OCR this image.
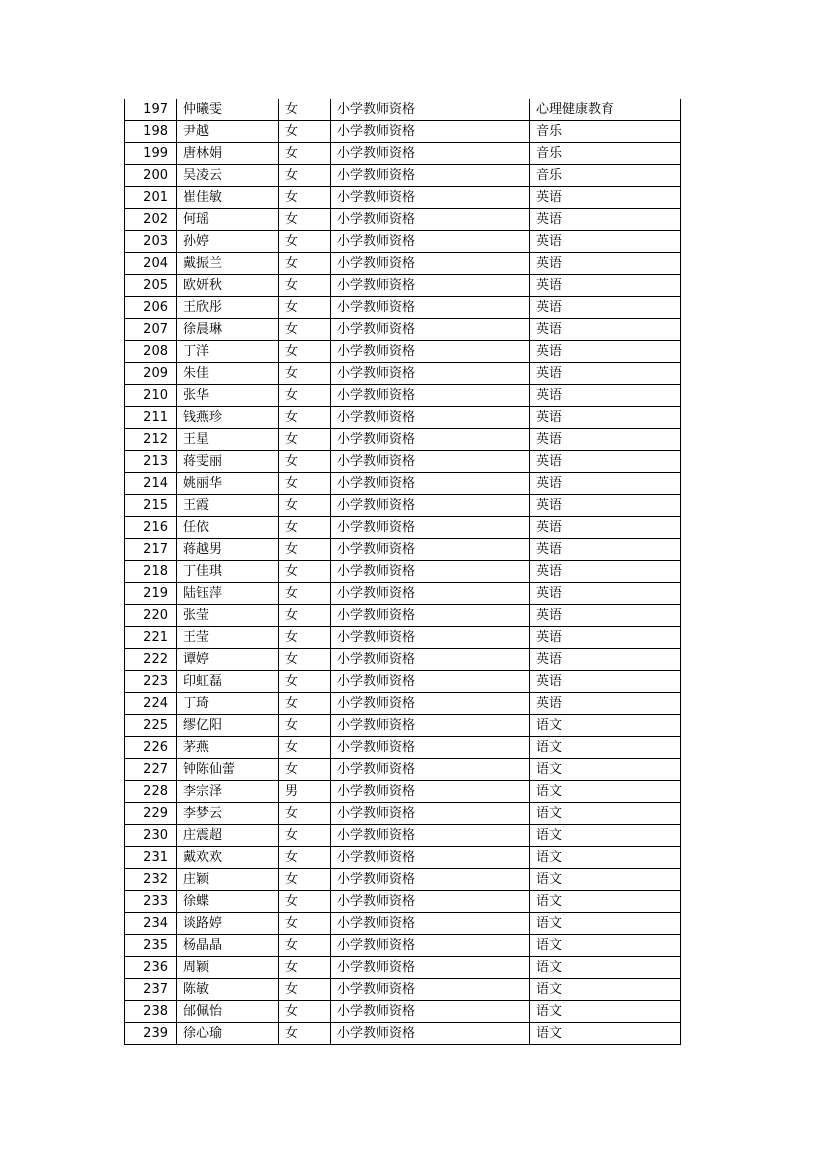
197	仲曦雯	女	小学教师资格	心理健康教育
198	尹越	女	小学教师资格	音乐
199	唐林娟	女	小学教师资格	音乐
200	吴凌云	女	小学教师资格	音乐
201	崔佳敏	女	小学教师资格	英语
202	何瑶	女	小学教师资格	英语
203	孙婷	女	小学教师资格	英语
204	戴振兰	女	小学教师资格	英语
205	欧妍秋	女	小学教师资格	英语
206	王欣彤	女	小学教师资格	英语
207	徐晨琳	女	小学教师资格	英语
208	丁洋	女	小学教师资格	英语
209	朱佳	女	小学教师资格	英语
210	张华	女	小学教师资格	英语
211	钱燕珍	女	小学教师资格	英语
212	王星	女	小学教师资格	英语
213	蒋雯丽	女	小学教师资格	英语
214	姚丽华	女	小学教师资格	英语
215	王霞	女	小学教师资格	英语
216	任依	女	小学教师资格	英语
217	蒋越男	女	小学教师资格	英语
218	丁佳琪	女	小学教师资格	英语
219	陆钰萍	女	小学教师资格	英语
220	张莹	女	小学教师资格	英语
221	王莹	女	小学教师资格	英语
222	谭婷	女	小学教师资格	英语
223	印虹磊	女	小学教师资格	英语
224	丁琦	女	小学教师资格	英语
225	缪亿阳	女	小学教师资格	语文
226	茅燕	女	小学教师资格	语文
227	钟陈仙蕾	女	小学教师资格	语文
228	李宗泽	男	小学教师资格	语文
229	李梦云	女	小学教师资格	语文
230	庄震超	女	小学教师资格	语文
231	戴欢欢	女	小学教师资格	语文
232	庄颖	女	小学教师资格	语文
233	徐蝶	女	小学教师资格	语文
234	谈路婷	女	小学教师资格	语文
235	杨晶晶	女	小学教师资格	语文
236	周颖	女	小学教师资格	语文
237	陈敏	女	小学教师资格	语文
238	邰佩怡	女	小学教师资格	语文
239	徐心瑜	女	小学教师资格	语文
